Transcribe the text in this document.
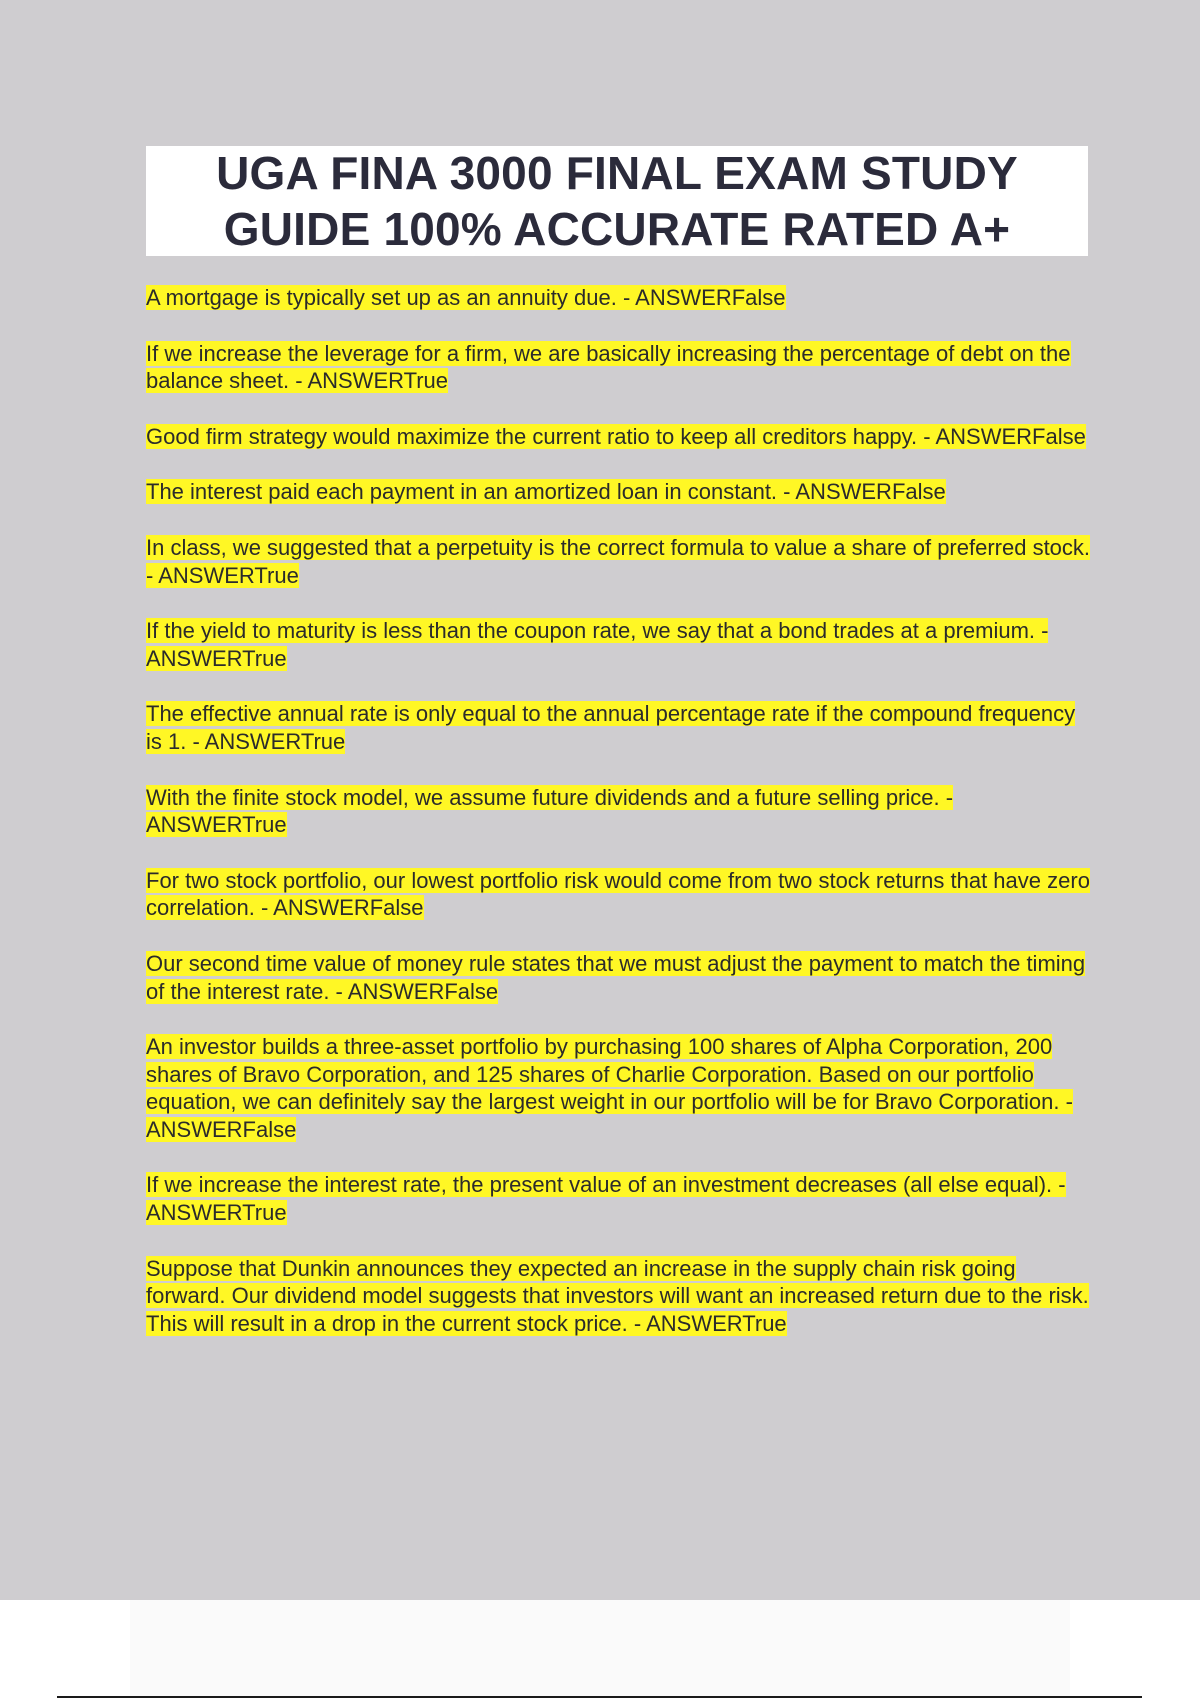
UGA FINA 3000 FINAL EXAM STUDY GUIDE 100% ACCURATE RATED A+

A mortgage is typically set up as an annuity due. - ANSWERFalse

If we increase the leverage for a firm, we are basically increasing the percentage of debt on the balance sheet. - ANSWERTrue

Good firm strategy would maximize the current ratio to keep all creditors happy. - ANSWERFalse

The interest paid each payment in an amortized loan in constant. - ANSWERFalse

In class, we suggested that a perpetuity is the correct formula to value a share of preferred stock. - ANSWERTrue

If the yield to maturity is less than the coupon rate, we say that a bond trades at a premium. - ANSWERTrue

The effective annual rate is only equal to the annual percentage rate if the compound frequency is 1. - ANSWERTrue

With the finite stock model, we assume future dividends and a future selling price. - ANSWERTrue

For two stock portfolio, our lowest portfolio risk would come from two stock returns that have zero correlation. - ANSWERFalse

Our second time value of money rule states that we must adjust the payment to match the timing of the interest rate. - ANSWERFalse

An investor builds a three-asset portfolio by purchasing 100 shares of Alpha Corporation, 200 shares of Bravo Corporation, and 125 shares of Charlie Corporation. Based on our portfolio equation, we can definitely say the largest weight in our portfolio will be for Bravo Corporation. - ANSWERFalse

If we increase the interest rate, the present value of an investment decreases (all else equal). - ANSWERTrue

Suppose that Dunkin announces they expected an increase in the supply chain risk going forward. Our dividend model suggests that investors will want an increased return due to the risk. This will result in a drop in the current stock price. - ANSWERTrue
